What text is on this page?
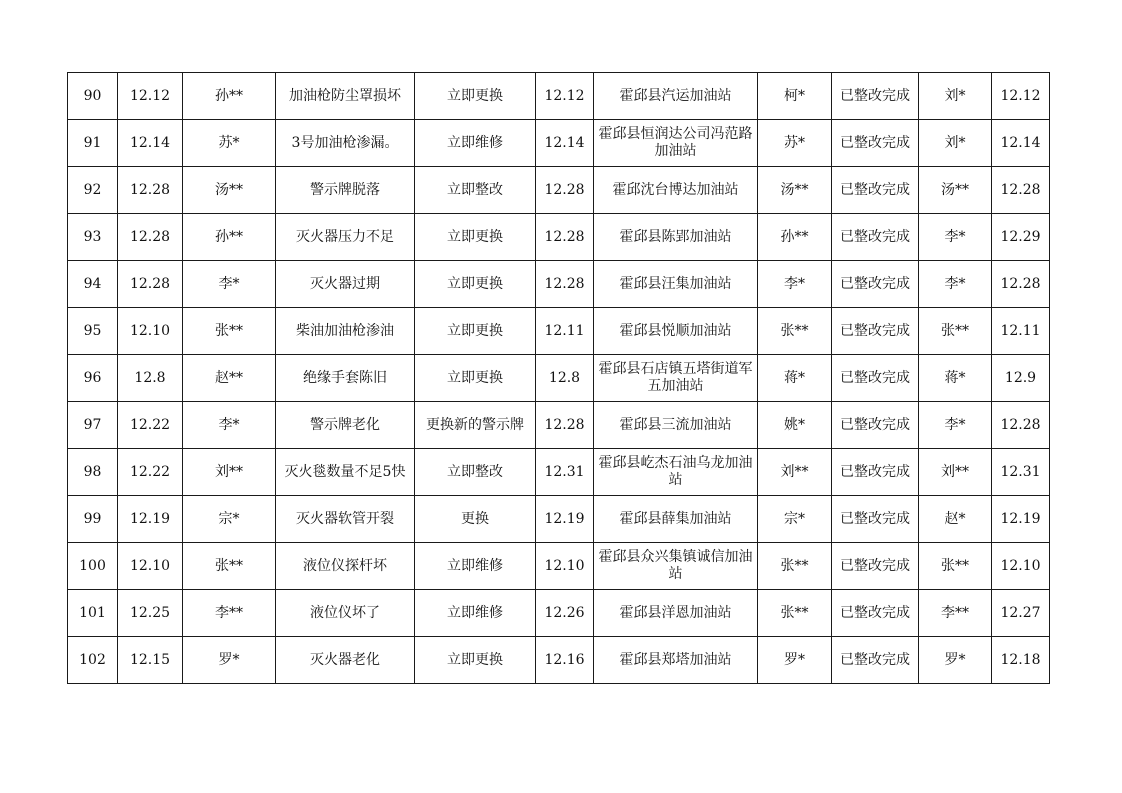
90	12.12	孙**	加油枪防尘罩损坏	立即更换	12.12	霍邱县汽运加油站	柯*	已整改完成	刘*	12.12
91	12.14	苏*	3号加油枪渗漏。	立即维修	12.14	霍邱县恒润达公司冯范路加油站	苏*	已整改完成	刘*	12.14
92	12.28	汤**	警示牌脱落	立即整改	12.28	霍邱沈台博达加油站	汤**	已整改完成	汤**	12.28
93	12.28	孙**	灭火器压力不足	立即更换	12.28	霍邱县陈郢加油站	孙**	已整改完成	李*	12.29
94	12.28	李*	灭火器过期	立即更换	12.28	霍邱县汪集加油站	李*	已整改完成	李*	12.28
95	12.10	张**	柴油加油枪渗油	立即更换	12.11	霍邱县悦顺加油站	张**	已整改完成	张**	12.11
96	12.8	赵**	绝缘手套陈旧	立即更换	12.8	霍邱县石店镇五塔街道军五加油站	蒋*	已整改完成	蒋*	12.9
97	12.22	李*	警示牌老化	更换新的警示牌	12.28	霍邱县三流加油站	姚*	已整改完成	李*	12.28
98	12.22	刘**	灭火毯数量不足5快	立即整改	12.31	霍邱县屹杰石油乌龙加油站	刘**	已整改完成	刘**	12.31
99	12.19	宗*	灭火器软管开裂	更换	12.19	霍邱县薛集加油站	宗*	已整改完成	赵*	12.19
100	12.10	张**	液位仪探杆坏	立即维修	12.10	霍邱县众兴集镇诚信加油站	张**	已整改完成	张**	12.10
101	12.25	李**	液位仪坏了	立即维修	12.26	霍邱县洋恩加油站	张**	已整改完成	李**	12.27
102	12.15	罗*	灭火器老化	立即更换	12.16	霍邱县郑塔加油站	罗*	已整改完成	罗*	12.18
